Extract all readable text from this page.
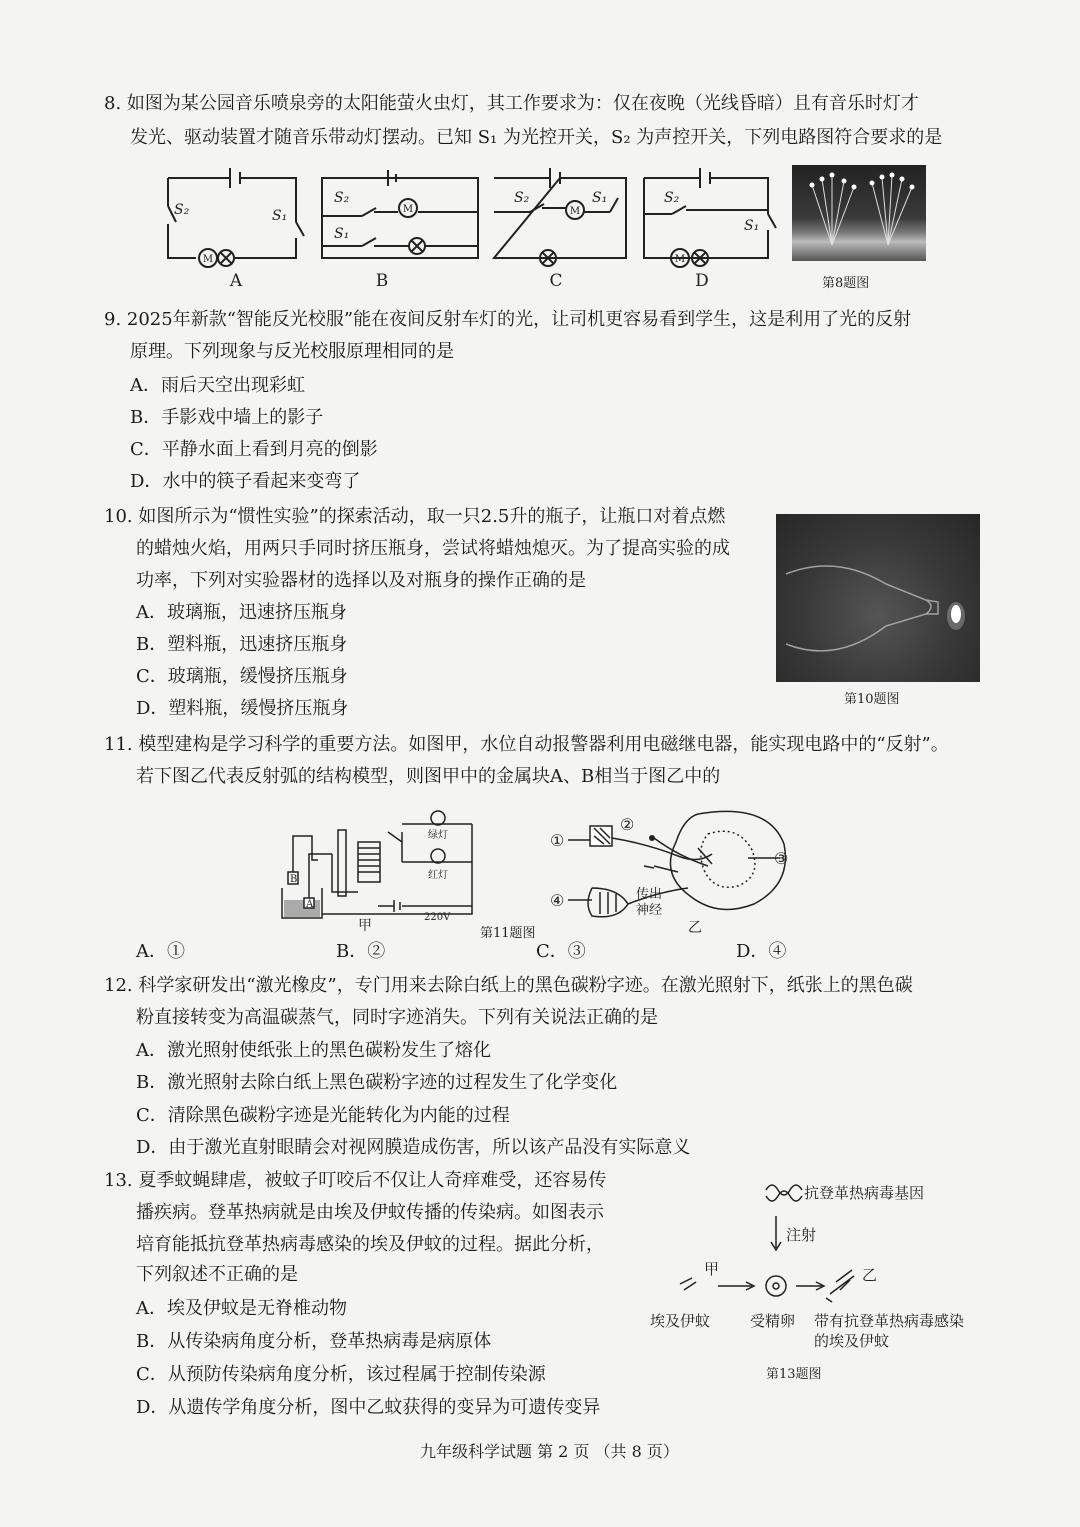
8. 如图为某公园音乐喷泉旁的太阳能萤火虫灯，其工作要求为：仅在夜晚（光线昏暗）且有音乐时灯才
发光、驱动装置才随音乐带动灯摆动。已知 S₁ 为光控开关，S₂ 为声控开关，下列电路图符合要求的是
S₂	S₁
S₂
S₁
S₂	S₁	S₂
S₁
M
M	M
M
A	B	C	D	第8题图
9. 2025年新款“智能反光校服”能在夜间反射车灯的光，让司机更容易看到学生，这是利用了光的反射
原理。下列现象与反光校服原理相同的是
A．雨后天空出现彩虹
B．手影戏中墙上的影子
C．平静水面上看到月亮的倒影
D．水中的筷子看起来变弯了
10. 如图所示为“惯性实验”的探索活动，取一只2.5升的瓶子，让瓶口对着点燃
的蜡烛火焰，用两只手同时挤压瓶身，尝试将蜡烛熄灭。为了提高实验的成
功率，下列对实验器材的选择以及对瓶身的操作正确的是
A．玻璃瓶，迅速挤压瓶身
B．塑料瓶，迅速挤压瓶身
C．玻璃瓶，缓慢挤压瓶身
D．塑料瓶，缓慢挤压瓶身	第10题图
11. 模型建构是学习科学的重要方法。如图甲，水位自动报警器利用电磁继电器，能实现电路中的“反射”。
若下图乙代表反射弧的结构模型，则图甲中的金属块A、B相当于图乙中的
绿灯
红灯
220V
B
A
甲	第11题图
①
②
③
④	传出
神经
乙
A．①	B．②	C．③	D．④
12. 科学家研发出“激光橡皮”，专门用来去除白纸上的黑色碳粉字迹。在激光照射下，纸张上的黑色碳
粉直接转变为高温碳蒸气，同时字迹消失。下列有关说法正确的是
A．激光照射使纸张上的黑色碳粉发生了熔化
B．激光照射去除白纸上黑色碳粉字迹的过程发生了化学变化
C．清除黑色碳粉字迹是光能转化为内能的过程
D．由于激光直射眼睛会对视网膜造成伤害，所以该产品没有实际意义
13. 夏季蚊蝇肆虐，被蚊子叮咬后不仅让人奇痒难受，还容易传
播疾病。登革热病就是由埃及伊蚊传播的传染病。如图表示
培育能抵抗登革热病毒感染的埃及伊蚊的过程。据此分析，
下列叙述不正确的是
A．埃及伊蚊是无脊椎动物
B．从传染病角度分析，登革热病毒是病原体
C．从预防传染病角度分析，该过程属于控制传染源
D．从遗传学角度分析，图中乙蚊获得的变异为可遗传变异
抗登革热病毒基因
注射
甲	乙
埃及伊蚊	受精卵 带有抗登革热病毒感染
的埃及伊蚊
第13题图
九年级科学试题 第 2 页 （共 8 页）
